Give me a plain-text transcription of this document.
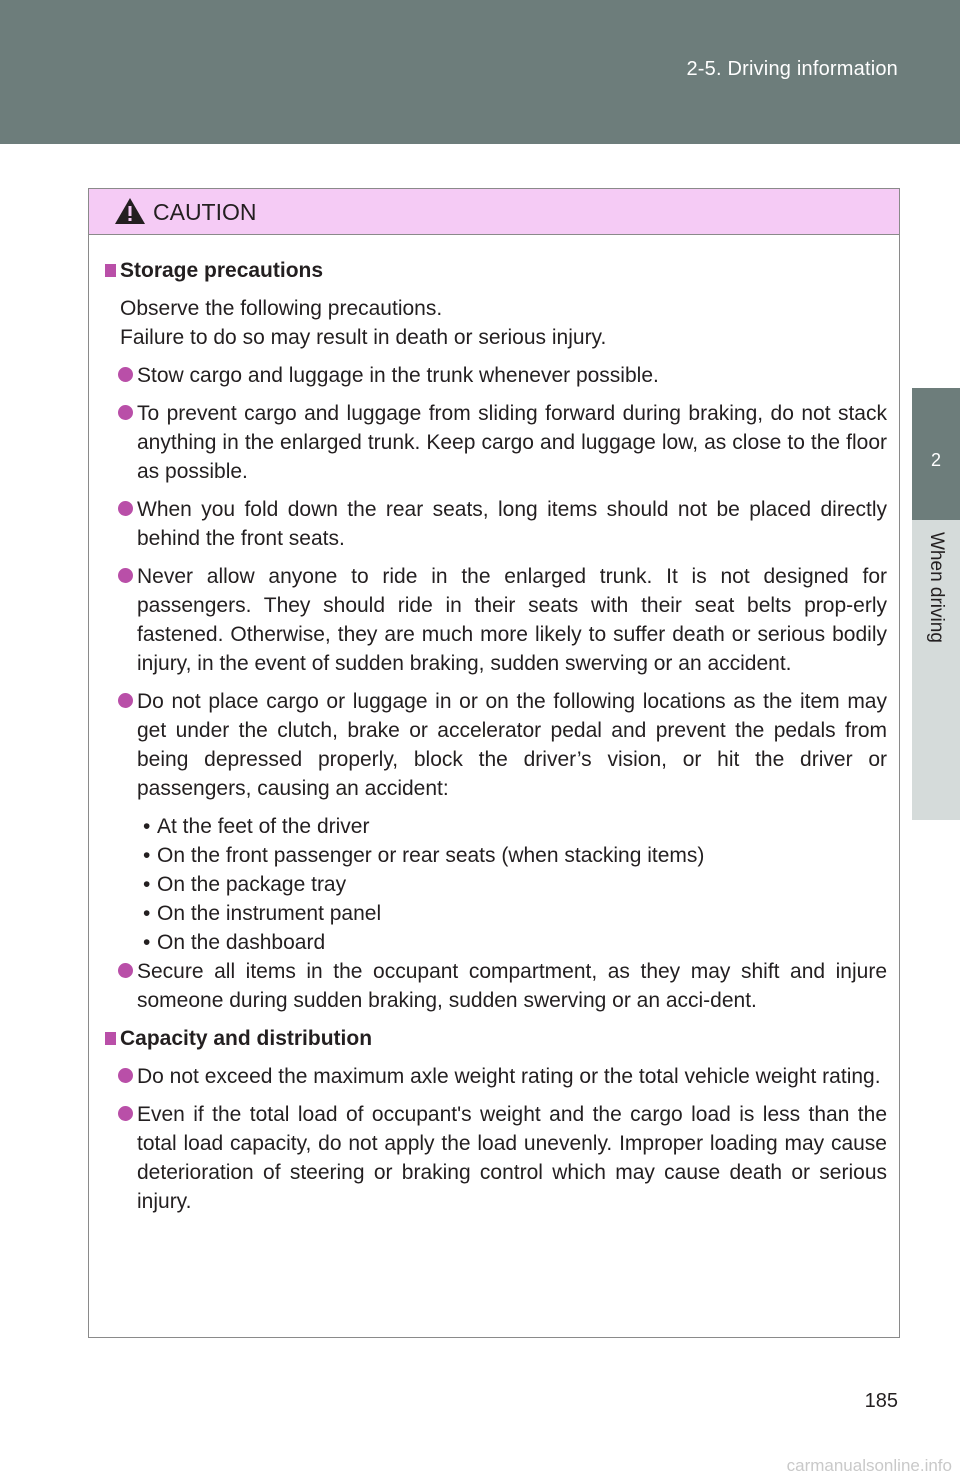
2-5. Driving information
2
When driving
CAUTION
Storage precautions
Observe the following precautions.
Failure to do so may result in death or serious injury.
Stow cargo and luggage in the trunk whenever possible.
To prevent cargo and luggage from sliding forward during braking, do not stack anything in the enlarged trunk. Keep cargo and luggage low, as close to the floor as possible.
When you fold down the rear seats, long items should not be placed directly behind the front seats.
Never allow anyone to ride in the enlarged trunk. It is not designed for passengers. They should ride in their seats with their seat belts prop-erly fastened. Otherwise, they are much more likely to suffer death or serious bodily injury, in the event of sudden braking, sudden swerving or an accident.
Do not place cargo or luggage in or on the following locations as the item may get under the clutch, brake or accelerator pedal and prevent the pedals from being depressed properly, block the driver’s vision, or hit the driver or passengers, causing an accident:
• At the feet of the driver
• On the front passenger or rear seats (when stacking items)
• On the package tray
• On the instrument panel
• On the dashboard
Secure all items in the occupant compartment, as they may shift and injure someone during sudden braking, sudden swerving or an acci-dent.
Capacity and distribution
Do not exceed the maximum axle weight rating or the total vehicle weight rating.
Even if the total load of occupant's weight and the cargo load is less than the total load capacity, do not apply the load unevenly. Improper loading may cause deterioration of steering or braking control which may cause death or serious injury.
185
carmanualsonline.info
